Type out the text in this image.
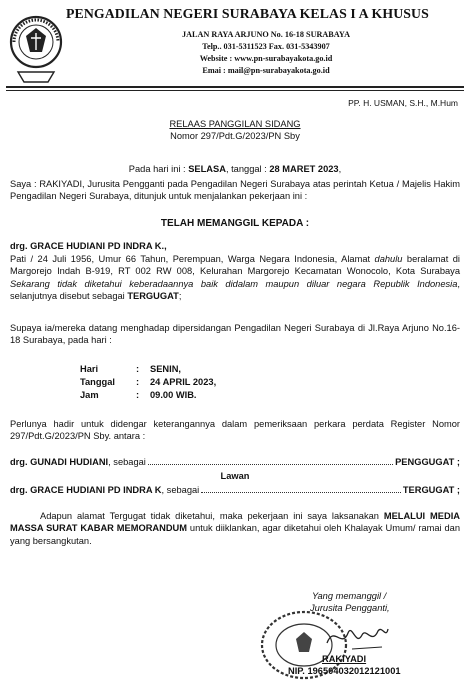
PENGADILAN NEGERI SURABAYA KELAS I A KHUSUS
JALAN RAYA ARJUNO No. 16-18 SURABAYA
Telp.. 031-5311523 Fax. 031-5343907
Website : www.pn-surabayakota.go.id
Emai : mail@pn-surabayakota.go.id
PP. H. USMAN, S.H., M.Hum
RELAAS PANGGILAN SIDANG
Nomor 297/Pdt.G/2023/PN Sby
Pada hari ini : SELASA, tanggal : 28 MARET 2023,
Saya : RAKIYADI, Jurusita Pengganti pada Pengadilan Negeri Surabaya atas perintah Ketua / Majelis Hakim Pengadilan Negeri Surabaya, ditunjuk untuk menjalankan pekerjaan ini :
TELAH MEMANGGIL KEPADA :
drg. GRACE HUDIANI PD INDRA K.,
Pati / 24 Juli 1956, Umur 66 Tahun, Perempuan, Warga Negara Indonesia, Alamat dahulu beralamat di Margorejo Indah B-919, RT 002 RW 008, Kelurahan Margorejo Kecamatan Wonocolo, Kota Surabaya Sekarang tidak diketahui keberadaannya baik didalam maupun diluar negara Republik Indonesia, selanjutnya disebut sebagai TERGUGAT;
Supaya ia/mereka datang menghadap dipersidangan Pengadilan Negeri Surabaya di Jl.Raya Arjuno No.16-18 Surabaya, pada hari :
Hari	: SENIN,
Tanggal : 24 APRIL 2023,
Jam	: 09.00 WIB.
Perlunya hadir untuk didengar keterangannya dalam pemeriksaan perkara perdata Register Nomor 297/Pdt.G/2023/PN Sby. antara :
drg. GUNADI HUDIANI , sebagai	PENGGUGAT ;
Lawan
drg. GRACE HUDIANI PD INDRA K , sebagai	TERGUGAT ;
Adapun alamat Tergugat tidak diketahui, maka pekerjaan ini saya laksanakan MELALUI MEDIA MASSA SURAT KABAR MEMORANDUM untuk diiklankan, agar diketahui oleh Khalayak Umum/ ramai dan yang bersangkutan.
Yang memanggil /
Jurusita Pengganti,
RAKIYADI
NIP. 196504032012121001
